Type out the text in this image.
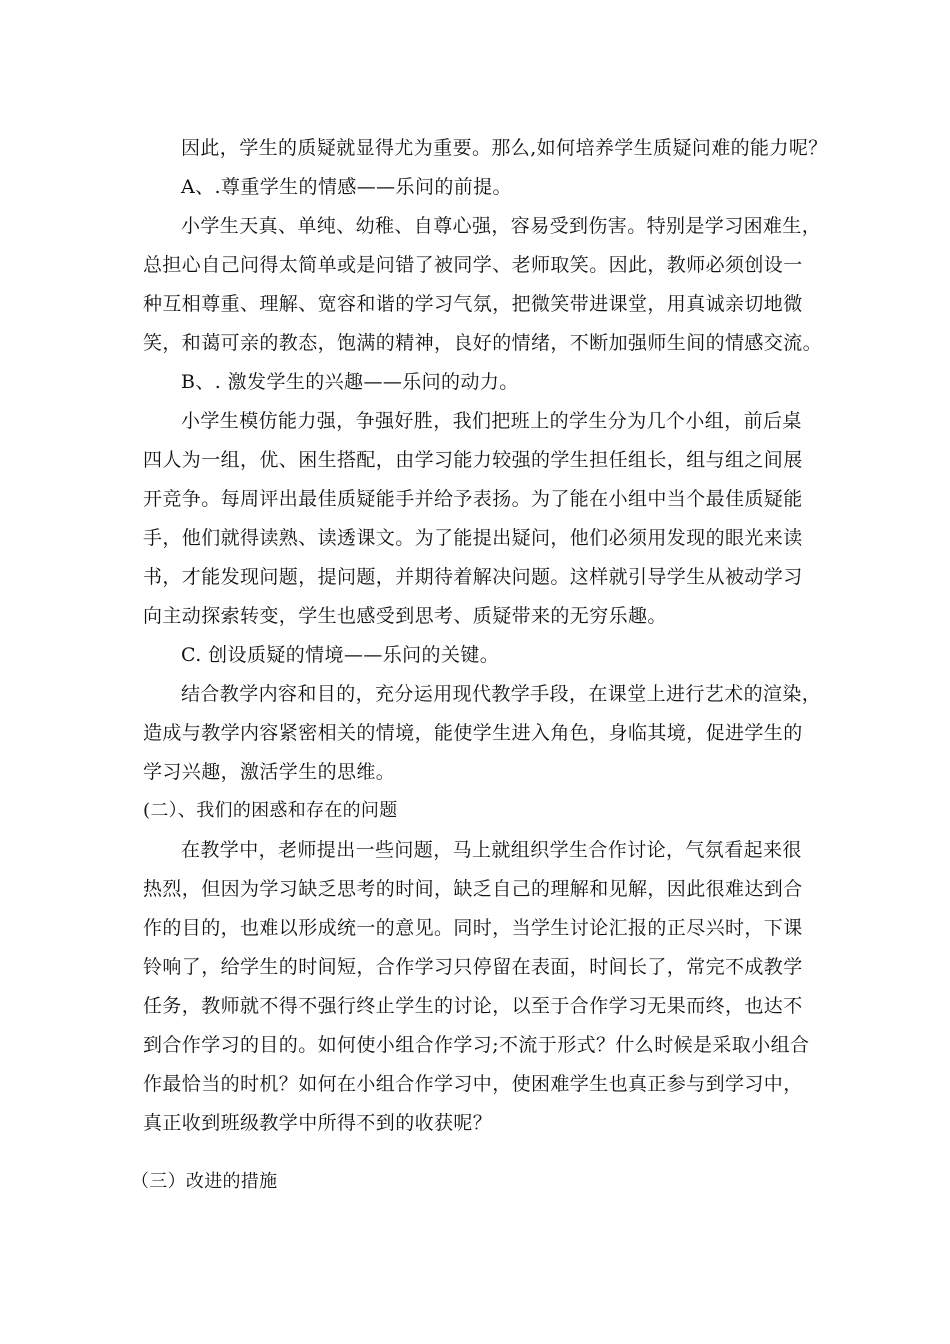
因此，学生的质疑就显得尤为重要。那么,如何培养学生质疑问难的能力呢？
A、.尊重学生的情感——乐问的前提。
小学生天真、单纯、幼稚、自尊心强，容易受到伤害。特别是学习困难生，
总担心自己问得太简单或是问错了被同学、老师取笑。因此，教师必须创设一
种互相尊重、理解、宽容和谐的学习气氛，把微笑带进课堂，用真诚亲切地微
笑，和蔼可亲的教态，饱满的精神，良好的情绪，不断加强师生间的情感交流。
B、. 激发学生的兴趣——乐问的动力。
小学生模仿能力强，争强好胜，我们把班上的学生分为几个小组，前后桌
四人为一组，优、困生搭配，由学习能力较强的学生担任组长，组与组之间展
开竞争。每周评出最佳质疑能手并给予表扬。为了能在小组中当个最佳质疑能
手，他们就得读熟、读透课文。为了能提出疑问，他们必须用发现的眼光来读
书，才能发现问题，提问题，并期待着解决问题。这样就引导学生从被动学习
向主动探索转变，学生也感受到思考、质疑带来的无穷乐趣。
C. 创设质疑的情境——乐问的关键。
结合教学内容和目的，充分运用现代教学手段，在课堂上进行艺术的渲染，
造成与教学内容紧密相关的情境，能使学生进入角色，身临其境，促进学生的
学习兴趣，激活学生的思维。
(二）、我们的困惑和存在的问题
在教学中，老师提出一些问题，马上就组织学生合作讨论，气氛看起来很
热烈，但因为学习缺乏思考的时间，缺乏自己的理解和见解，因此很难达到合
作的目的，也难以形成统一的意见。同时，当学生讨论汇报的正尽兴时，下课
铃响了，给学生的时间短，合作学习只停留在表面，时间长了，常完不成教学
任务，教师就不得不强行终止学生的讨论，以至于合作学习无果而终，也达不
到合作学习的目的。如何使小组合作学习;不流于形式？什么时候是采取小组合
作最恰当的时机？如何在小组合作学习中，使困难学生也真正参与到学习中，
真正收到班级教学中所得不到的收获呢？
（三）改进的措施
